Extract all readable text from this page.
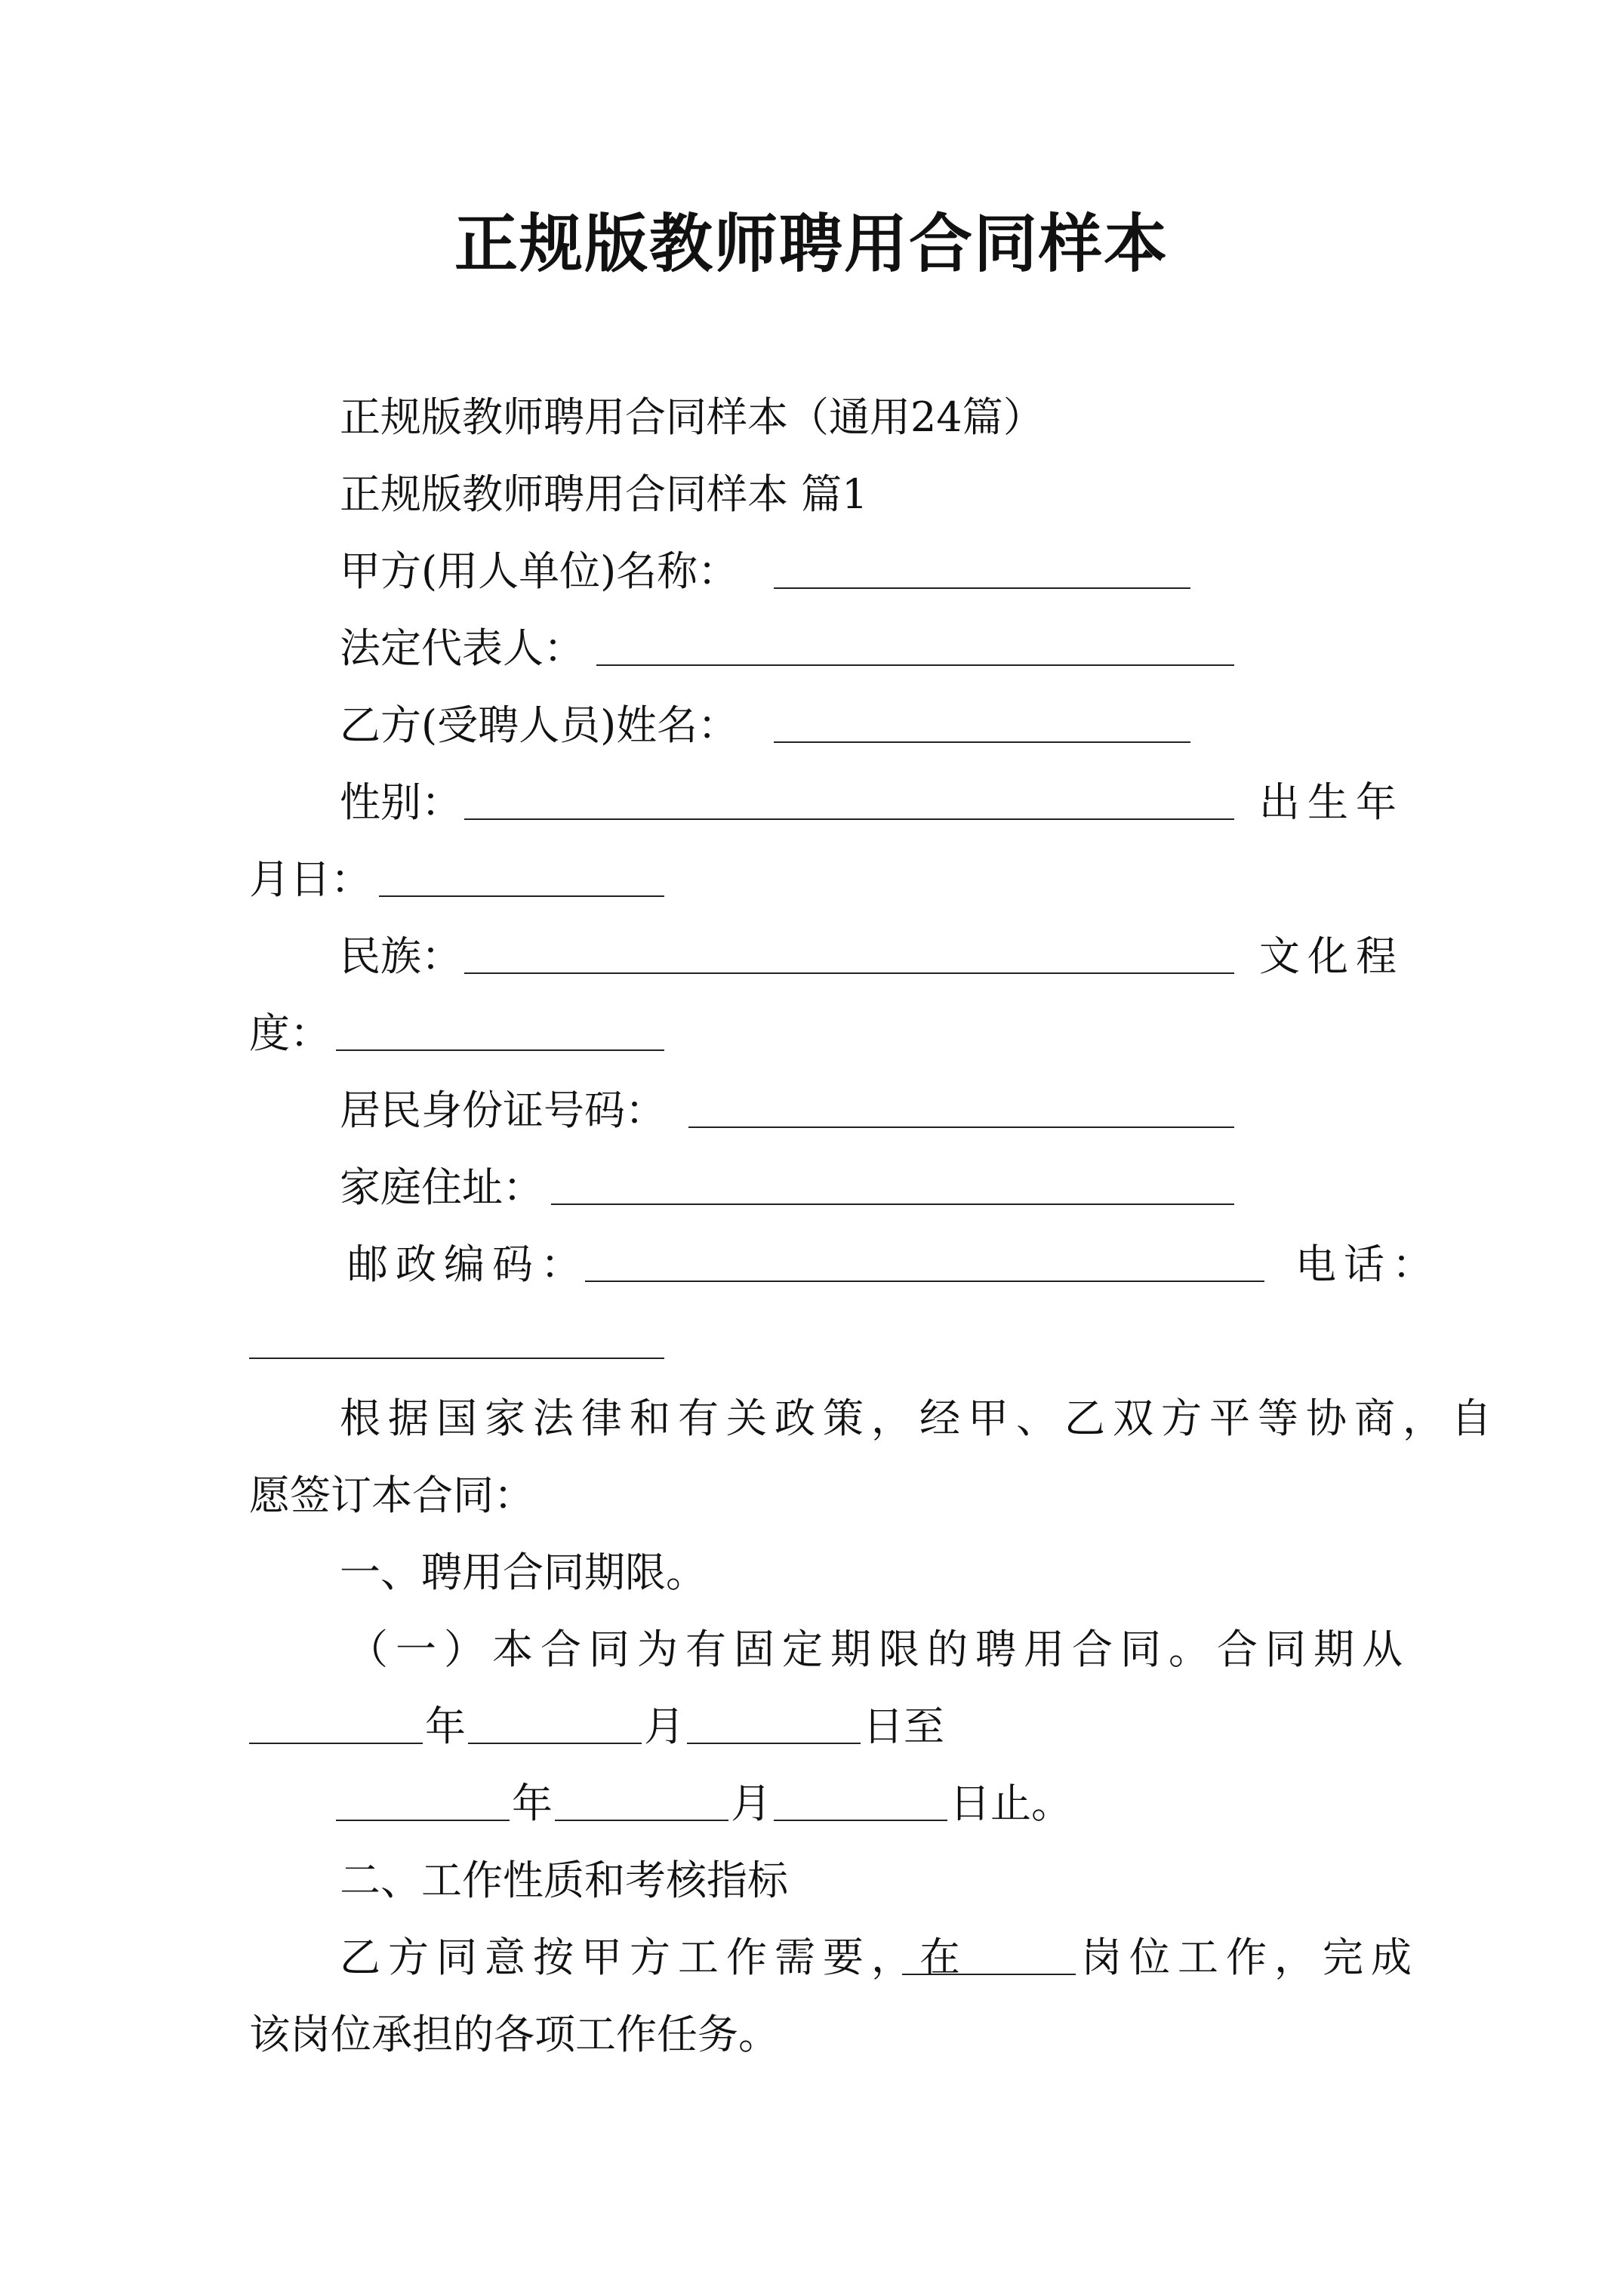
正规版教师聘用合同样本
正规版教师聘用合同样本（通用24篇）
正规版教师聘用合同样本 篇1
甲方(用人单位)名称：
法定代表人：
乙方(受聘人员)姓名：
性别：	出生年
月日：
民族：	文化程
度：
居民身份证号码：
家庭住址：
邮政编码：	电话：
根据国家法律和有关政策，经甲、乙双方平等协商，自
愿签订本合同：
一、聘用合同期限。
（一）本合同为有固定期限的聘用合同。合同期从
年	月	日至
年	月	日止。
二、工作性质和考核指标
乙方同意按甲方工作需要，在	岗位工作，完成
该岗位承担的各项工作任务。
